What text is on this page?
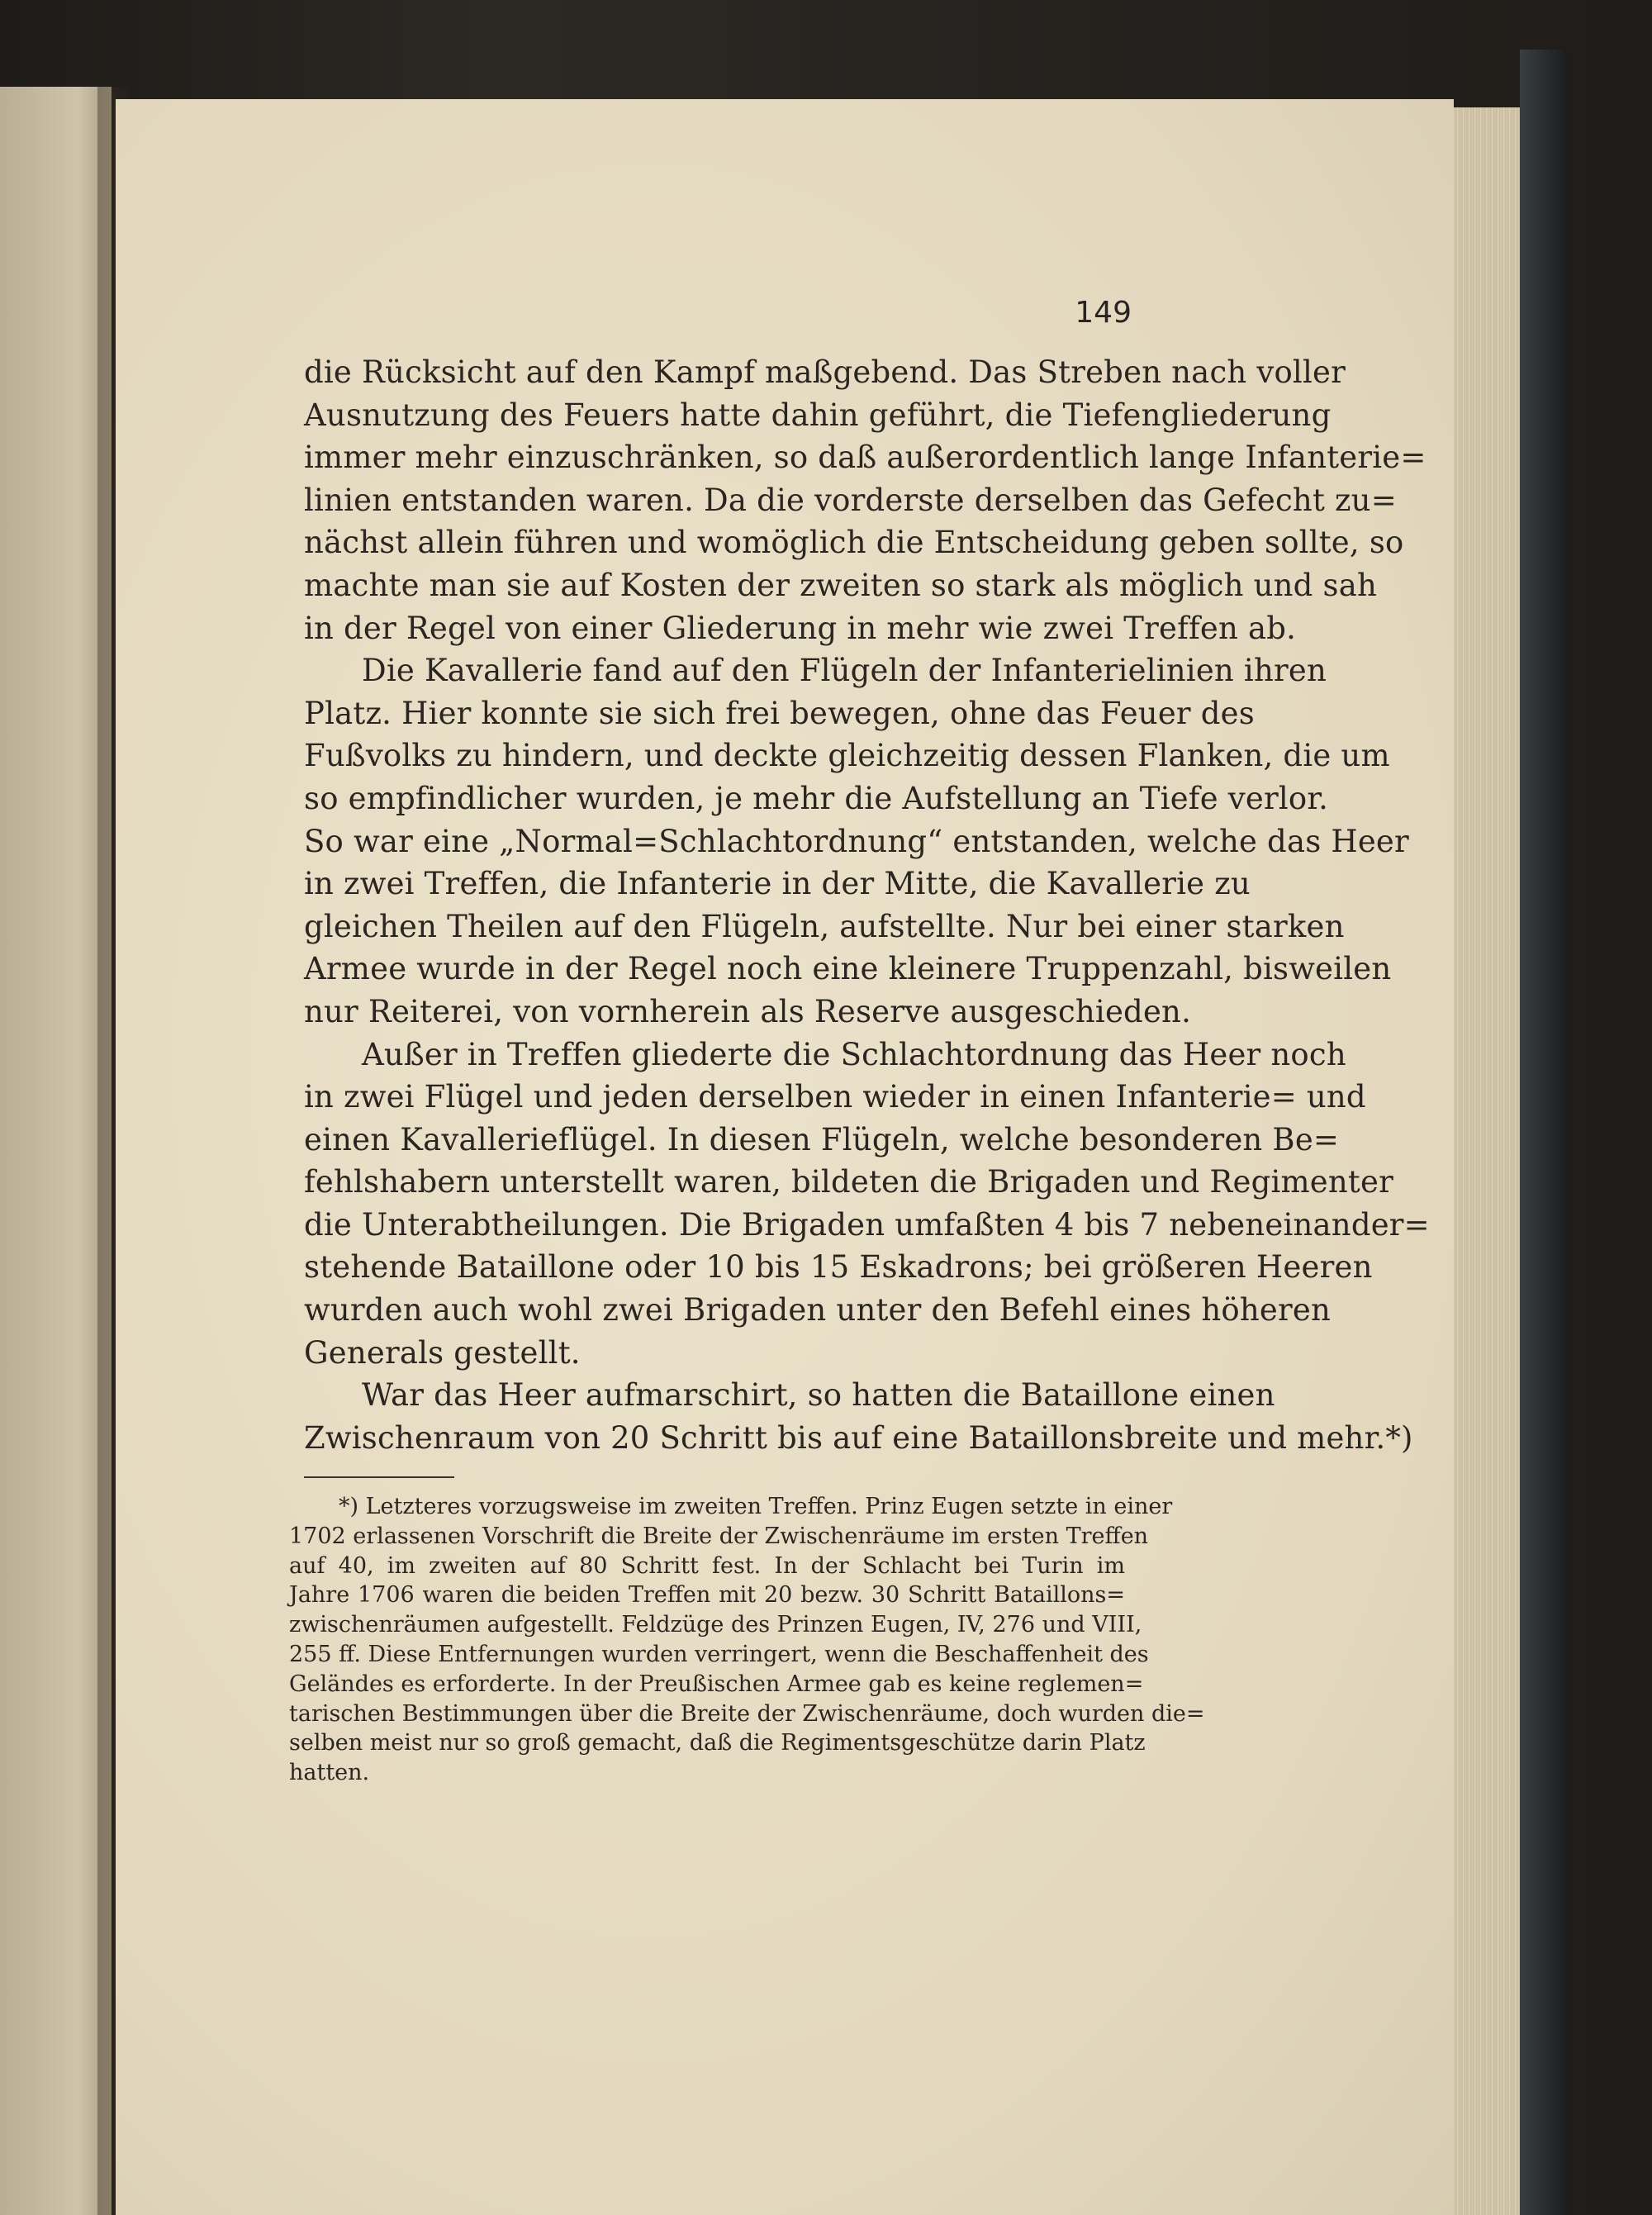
149
die Rücksicht auf den Kampf maßgebend. Das Streben nach voller
Ausnutzung des Feuers hatte dahin geführt, die Tiefengliederung
immer mehr einzuschränken, so daß außerordentlich lange Infanterie=
linien entstanden waren. Da die vorderste derselben das Gefecht zu=
nächst allein führen und womöglich die Entscheidung geben sollte, so
machte man sie auf Kosten der zweiten so stark als möglich und sah
in der Regel von einer Gliederung in mehr wie zwei Treffen ab.
Die Kavallerie fand auf den Flügeln der Infanterielinien ihren
Platz. Hier konnte sie sich frei bewegen, ohne das Feuer des
Fußvolks zu hindern, und deckte gleichzeitig dessen Flanken, die um
so empfindlicher wurden, je mehr die Aufstellung an Tiefe verlor.
So war eine „Normal=Schlachtordnung“ entstanden, welche das Heer
in zwei Treffen, die Infanterie in der Mitte, die Kavallerie zu
gleichen Theilen auf den Flügeln, aufstellte. Nur bei einer starken
Armee wurde in der Regel noch eine kleinere Truppenzahl, bisweilen
nur Reiterei, von vornherein als Reserve ausgeschieden.
Außer in Treffen gliederte die Schlachtordnung das Heer noch
in zwei Flügel und jeden derselben wieder in einen Infanterie= und
einen Kavallerieflügel. In diesen Flügeln, welche besonderen Be=
fehlshabern unterstellt waren, bildeten die Brigaden und Regimenter
die Unterabtheilungen. Die Brigaden umfaßten 4 bis 7 nebeneinander=
stehende Bataillone oder 10 bis 15 Eskadrons; bei größeren Heeren
wurden auch wohl zwei Brigaden unter den Befehl eines höheren
Generals gestellt.
War das Heer aufmarschirt, so hatten die Bataillone einen
Zwischenraum von 20 Schritt bis auf eine Bataillonsbreite und mehr.*)
*) Letzteres vorzugsweise im zweiten Treffen. Prinz Eugen setzte in einer
1702 erlassenen Vorschrift die Breite der Zwischenräume im ersten Treffen
auf 40, im zweiten auf 80 Schritt fest. In der Schlacht bei Turin im
Jahre 1706 waren die beiden Treffen mit 20 bezw. 30 Schritt Bataillons=
zwischenräumen aufgestellt. Feldzüge des Prinzen Eugen, IV, 276 und VIII,
255 ff. Diese Entfernungen wurden verringert, wenn die Beschaffenheit des
Geländes es erforderte. In der Preußischen Armee gab es keine reglemen=
tarischen Bestimmungen über die Breite der Zwischenräume, doch wurden die=
selben meist nur so groß gemacht, daß die Regimentsgeschütze darin Platz
hatten.
